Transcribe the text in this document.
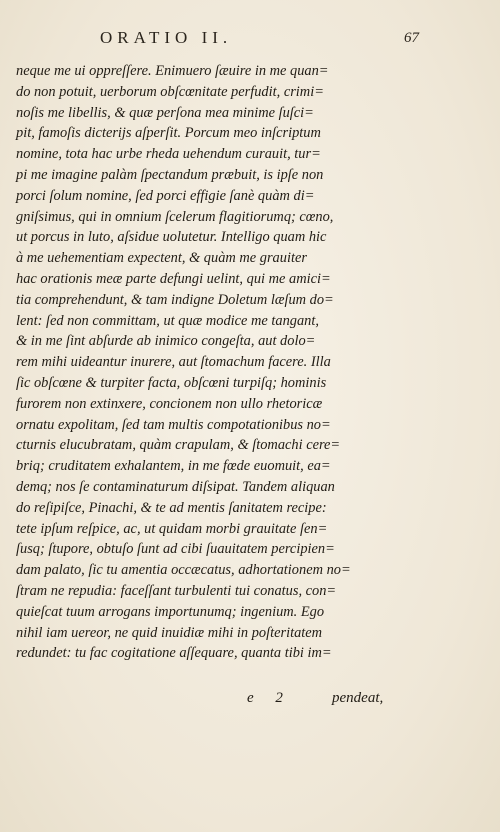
ORATIO II.	67
neque me ui oppreſſere. Enimuero ſæuire in me quan=
do non potuit, uerborum obſcœnitate perfudit, crimi=
noſis me libellis, & quæ perſona mea minime ſuſci=
pit, famoſis dicterijs aſperſit. Porcum meo inſcriptum
nomine, tota hac urbe rheda uehendum curauit, tur=
pi me imagine palàm ſpectandum præbuit, is ipſe non
porci ſolum nomine, ſed porci effigie ſanè quàm di=
gniſsimus, qui in omnium ſcelerum flagitiorumq; cœno,
ut porcus in luto, aſsidue uolutetur. Intelligo quam hic
à me uehementiam expectent, & quàm me grauiter
hac orationis meæ parte defungi uelint, qui me amici=
tia comprehendunt, & tam indigne Doletum læſum do=
lent: ſed non committam, ut quæ modice me tangant,
& in me ſint abſurde ab inimico congeſta, aut dolo=
rem mihi uideantur inurere, aut ſtomachum facere. Illa
ſic obſcœne & turpiter facta, obſcœni turpiſq; hominis
furorem non extinxere, concionem non ullo rhetoricæ
ornatu expolitam, ſed tam multis compotationibus no=
cturnis elucubratam, quàm crapulam, & ſtomachi cere=
briq; cruditatem exhalantem, in me fœde euomuit, ea=
demq; nos ſe contaminaturum diſsipat. Tandem aliquan
do reſipiſce, Pinachi, & te ad mentis ſanitatem recipe:
tete ipſum reſpice, ac, ut quidam morbi grauitate ſen=
ſusq; ſtupore, obtuſo ſunt ad cibi ſuauitatem percipien=
dam palato, ſic tu amentia occæcatus, adhortationem no=
ſtram ne repudia: faceſſant turbulenti tui conatus, con=
quieſcat tuum arrogans importunumq; ingenium. Ego
nihil iam uereor, ne quid inuidiæ mihi in poſteritatem
redundet: tu fac cogitatione aſſequare, quanta tibi im=
e 2	pendeat,
